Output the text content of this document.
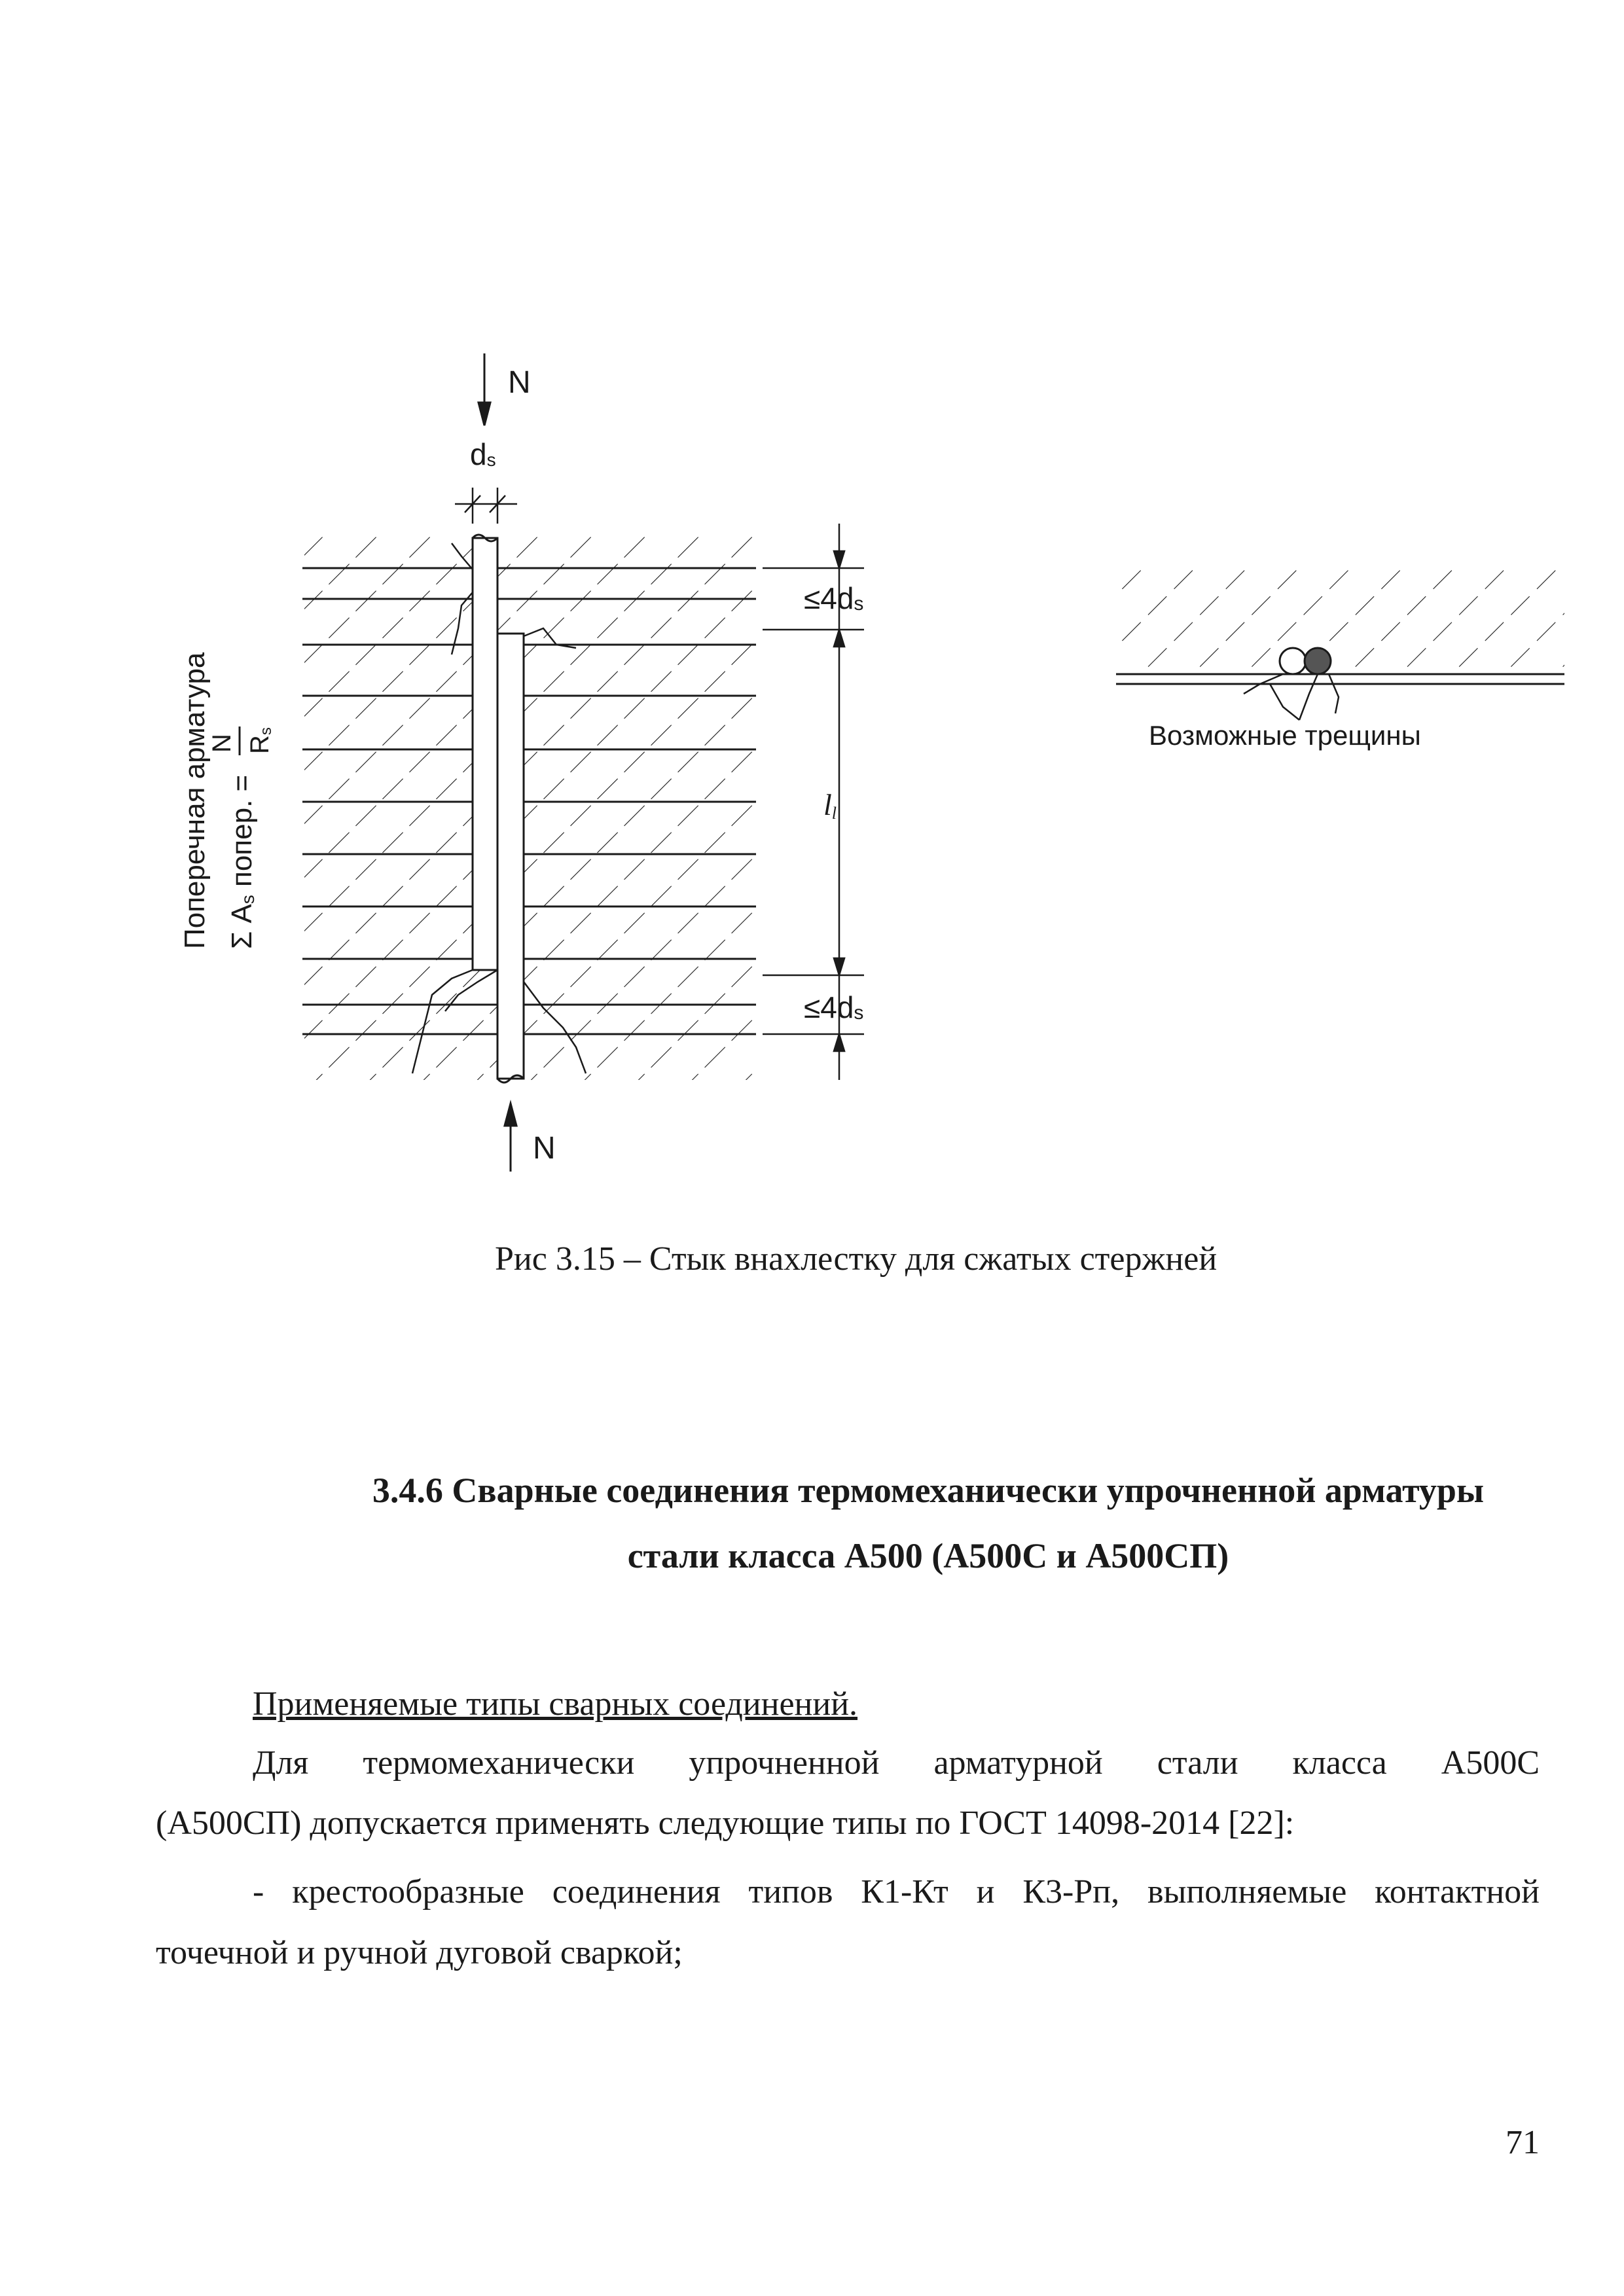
N
N
ds
≤4ds
≤4ds
ll
Поперечная арматура Σ As попер. =
N Rs	Возможные трещины
Рис 3.15 – Стык внахлестку для сжатых стержней
3.4.6 Сварные соединения термомеханически упрочненной арматуры
стали класса А500 (А500С и А500СП)
Применяемые типы сварных соединений.
Для термомеханически упрочненной арматурной стали класса А500С
(А500СП) допускается применять следующие типы по ГОСТ 14098-2014 [22]:
- крестообразные соединения типов К1-Кт и К3-Рп, выполняемые контактной
точечной и ручной дуговой сваркой;
71
